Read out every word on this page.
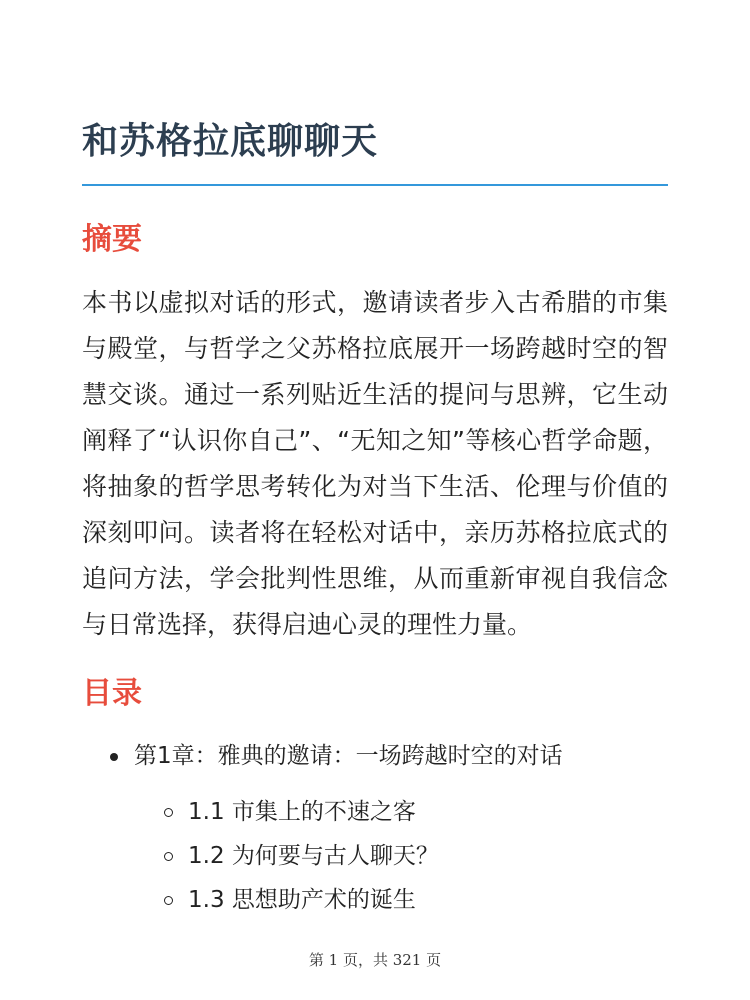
和苏格拉底聊聊天
摘要

本书以虚拟对话的形式，邀请读者步入古希腊的市集与殿堂，与哲学之父苏格拉底展开一场跨越时空的智慧交谈。通过一系列贴近生活的提问与思辨，它生动阐释了“认识你自己”、“无知之知”等核心哲学命题，将抽象的哲学思考转化为对当下生活、伦理与价值的深刻叩问。读者将在轻松对话中，亲历苏格拉底式的追问方法，学会批判性思维，从而重新审视自我信念与日常选择，获得启迪心灵的理性力量。

目录
第1章：雅典的邀请：一场跨越时空的对话
1.1 市集上的不速之客
1.2 为何要与古人聊天？
1.3 思想助产术的诞生
第 1 页，共 321 页
